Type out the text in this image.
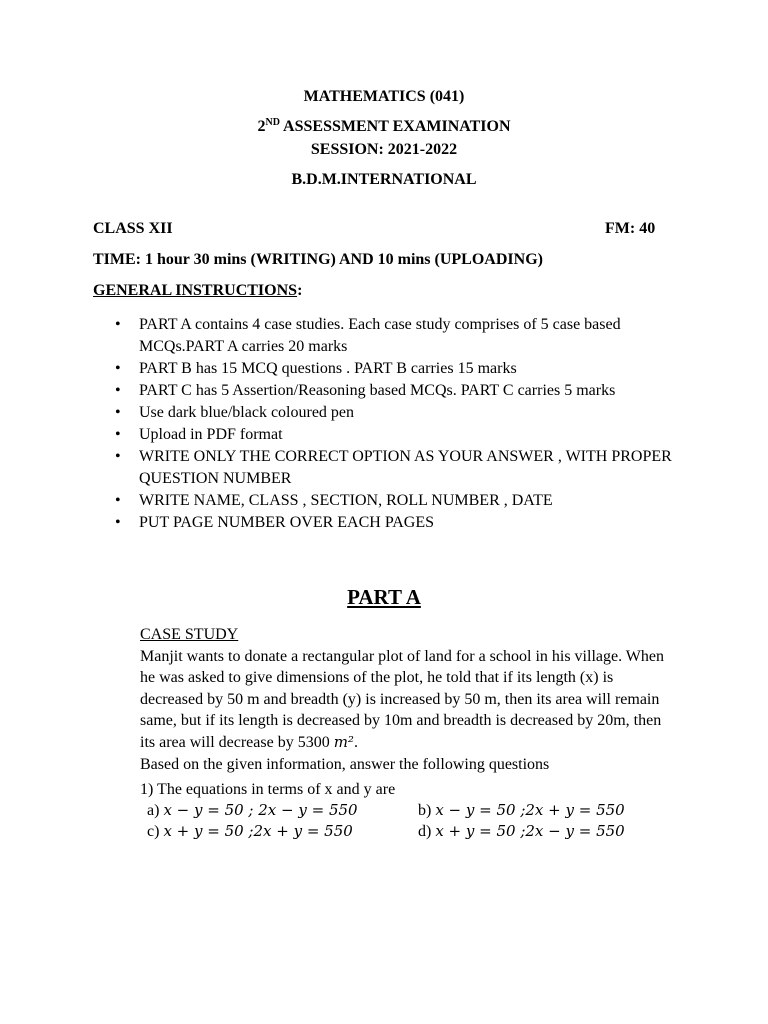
MATHEMATICS (041)
2ND ASSESSMENT EXAMINATION
SESSION: 2021-2022
B.D.M.INTERNATIONAL
CLASS XII	FM: 40
TIME: 1 hour 30 mins (WRITING) AND 10 mins (UPLOADING)
GENERAL INSTRUCTIONS:
• PART A contains 4 case studies. Each case study comprises of 5 case based MCQs.PART A carries 20 marks
• PART B has 15 MCQ questions . PART B carries 15 marks
• PART C has 5 Assertion/Reasoning based MCQs. PART C carries 5 marks
• Use dark blue/black coloured pen
• Upload in PDF format
• WRITE ONLY THE CORRECT OPTION AS YOUR ANSWER , WITH PROPER QUESTION NUMBER
• WRITE NAME, CLASS , SECTION, ROLL NUMBER , DATE
• PUT PAGE NUMBER OVER EACH PAGES
PART A
CASE STUDY
Manjit wants to donate a rectangular plot of land for a school in his village. When he was asked to give dimensions of the plot, he told that if its length (x) is decreased by 50 m and breadth (y) is increased by 50 m, then its area will remain same, but if its length is decreased by 10m and breadth is decreased by 20m, then its area will decrease by 5300 m².
Based on the given information, answer the following questions
1) The equations in terms of x and y are
a) x − y = 50 ; 2x − y = 550	b) x − y = 50 ;2x + y = 550
c) x + y = 50 ;2x + y = 550	d) x + y = 50 ;2x − y = 550
